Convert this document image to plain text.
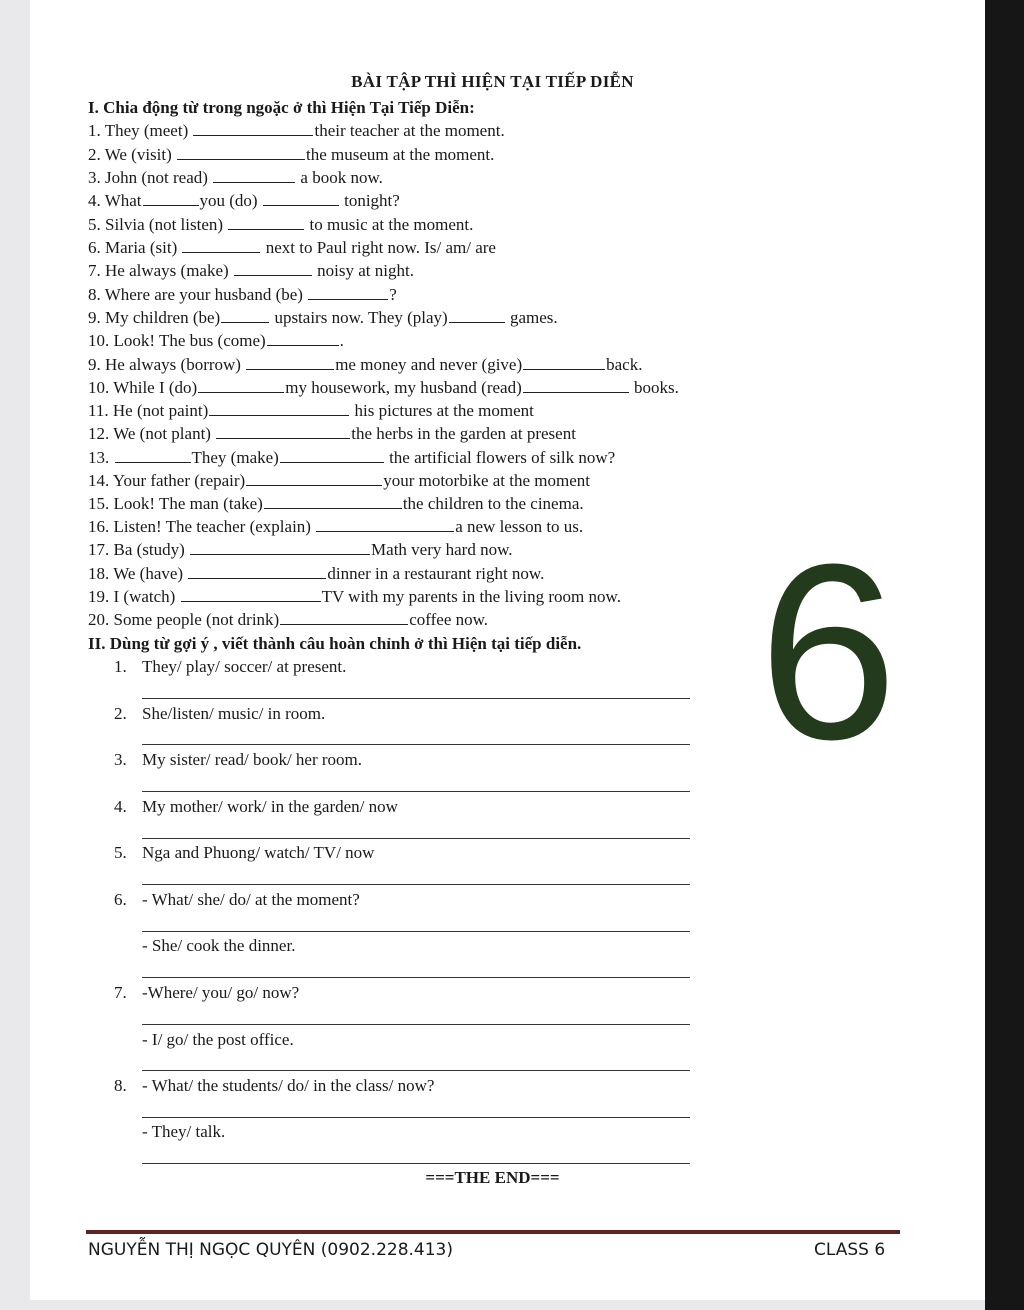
BÀI TẬP THÌ HIỆN TẠI TIẾP DIỄN
I. Chia động từ trong ngoặc ở thì Hiện Tại Tiếp Diễn:
1. They (meet)	their teacher at the moment.
2. We (visit)	the museum at the moment.
3. John (not read)	a book now.
4. What	you (do)	tonight?
5. Silvia (not listen)	to music at the moment.
6. Maria (sit)	next to Paul right now. Is/ am/ are
7. He always (make)	noisy at night.
8. Where are your husband (be)	?
9. My children (be)	upstairs now. They (play)	games.
10. Look! The bus (come)	.
9. He always (borrow)	me money and never (give)	back.
10. While I (do)	my housework, my husband (read)	books.
11. He (not paint)	his pictures at the moment
12. We (not plant)	the herbs in the garden at present
13.	They (make)	the artificial flowers of silk now?
14. Your father (repair)	your motorbike at the moment
15. Look! The man (take)	the children to the cinema.
16. Listen! The teacher (explain)	a new lesson to us.
17. Ba (study)	Math very hard now.
18. We (have)	dinner in a restaurant right now.
19. I (watch)	TV with my parents in the living room now.
20. Some people (not drink)	coffee now. 6
II. Dùng từ gợi ý , viết thành câu hoàn chỉnh ở thì Hiện tại tiếp diễn.
1. They/ play/ soccer/ at present.
2. She/listen/ music/ in room.
3. My sister/ read/ book/ her room.
4. My mother/ work/ in the garden/ now
5. Nga and Phuong/ watch/ TV/ now
6. - What/ she/ do/ at the moment?
- She/ cook the dinner.
7. -Where/ you/ go/ now?
- I/ go/ the post office.
8. - What/ the students/ do/ in the class/ now?
- They/ talk.
===THE END===
NGUYỄN THỊ NGỌC QUYÊN (0902.228.413)	CLASS 6
